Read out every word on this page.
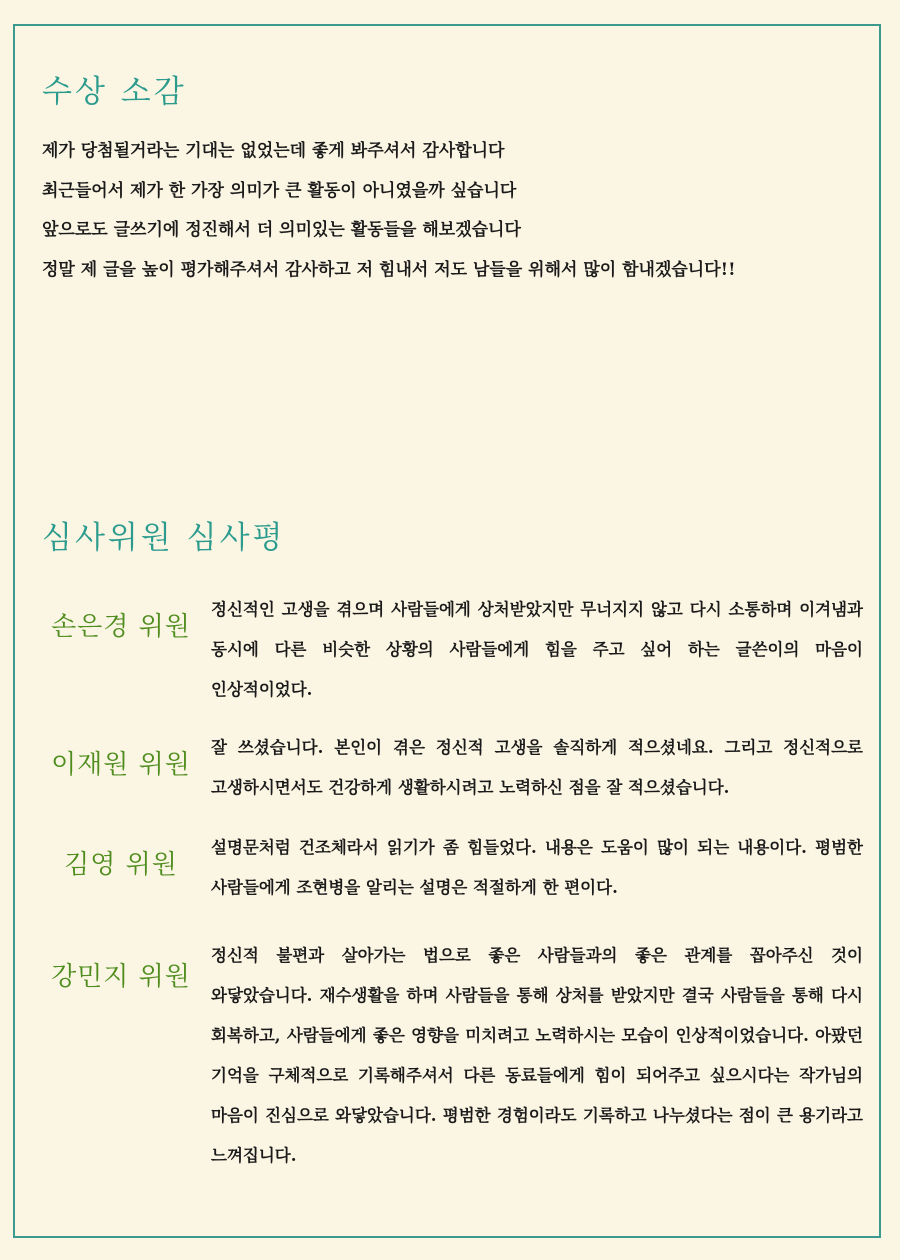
수상 소감
제가 당첨될거라는 기대는 없었는데 좋게 봐주셔서 감사합니다
최근들어서 제가 한 가장 의미가 큰 활동이 아니였을까 싶습니다
앞으로도 글쓰기에 정진해서 더 의미있는 활동들을 해보겠습니다
정말 제 글을 높이 평가해주셔서 감사하고 저 힘내서 저도 남들을 위해서 많이 함내겠습니다!!
심사위원 심사평
손은경 위원

정신적인 고생을 겪으며 사람들에게 상처받았지만 무너지지 않고 다시 소통하며 이겨냄과 동시에 다른 비슷한 상황의 사람들에게 힘을 주고 싶어 하는 글쓴이의 마음이 인상적이었다.

이재원 위원

잘 쓰셨습니다. 본인이 겪은 정신적 고생을 솔직하게 적으셨네요. 그리고 정신적으로 고생하시면서도 건강하게 생활하시려고 노력하신 점을 잘 적으셨습니다.

김영 위원

설명문처럼 건조체라서 읽기가 좀 힘들었다. 내용은 도움이 많이 되는 내용이다. 평범한 사람들에게 조현병을 알리는 설명은 적절하게 한 편이다.

강민지 위원

정신적 불편과 살아가는 법으로 좋은 사람들과의 좋은 관계를 꼽아주신 것이 와닿았습니다. 재수생활을 하며 사람들을 통해 상처를 받았지만 결국 사람들을 통해 다시 회복하고, 사람들에게 좋은 영향을 미치려고 노력하시는 모습이 인상적이었습니다. 아팠던 기억을 구체적으로 기록해주셔서 다른 동료들에게 힘이 되어주고 싶으시다는 작가님의 마음이 진심으로 와닿았습니다. 평범한 경험이라도 기록하고 나누셨다는 점이 큰 용기라고 느껴집니다.
